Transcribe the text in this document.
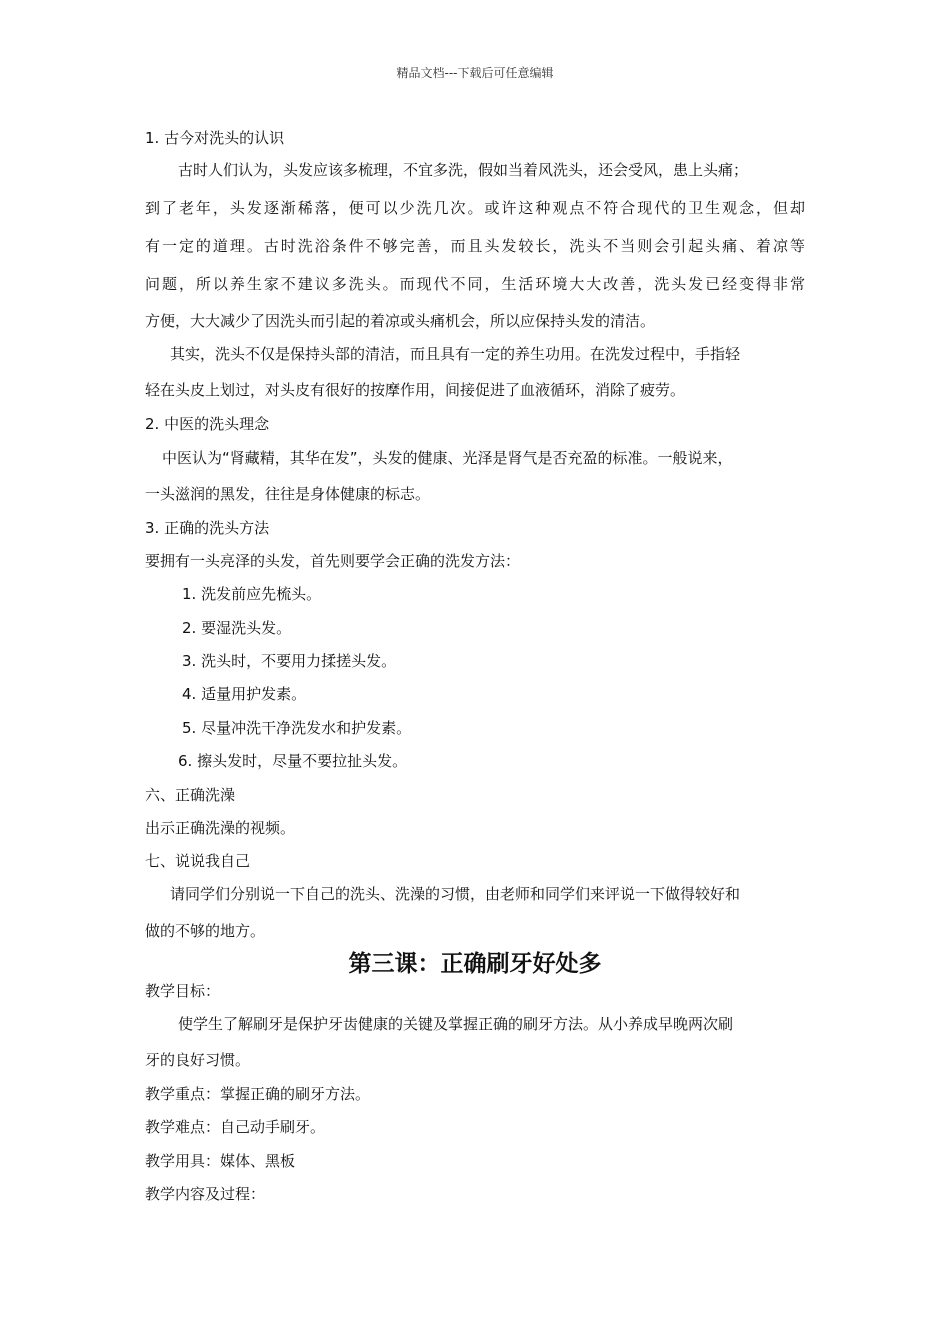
精品文档---下载后可任意编辑
1. 古今对洗头的认识
古时人们认为，头发应该多梳理，不宜多洗，假如当着风洗头，还会受风，患上头痛；
到了老年，头发逐渐稀落，便可以少洗几次。或许这种观点不符合现代的卫生观念，但却
有一定的道理。古时洗浴条件不够完善，而且头发较长，洗头不当则会引起头痛、着凉等
问题，所以养生家不建议多洗头。而现代不同，生活环境大大改善，洗头发已经变得非常
方便，大大减少了因洗头而引起的着凉或头痛机会，所以应保持头发的清洁。
其实，洗头不仅是保持头部的清洁，而且具有一定的养生功用。在洗发过程中，手指轻
轻在头皮上划过，对头皮有很好的按摩作用，间接促进了血液循环，消除了疲劳。
2. 中医的洗头理念
中医认为“肾藏精，其华在发”，头发的健康、光泽是肾气是否充盈的标准。一般说来，
一头滋润的黑发，往往是身体健康的标志。
3. 正确的洗头方法
要拥有一头亮泽的头发，首先则要学会正确的洗发方法：
1. 洗发前应先梳头。
2. 要湿洗头发。
3. 洗头时，不要用力揉搓头发。
4. 适量用护发素。
5. 尽量冲洗干净洗发水和护发素。
6. 擦头发时，尽量不要拉扯头发。
六、正确洗澡
出示正确洗澡的视频。
七、说说我自己
请同学们分别说一下自己的洗头、洗澡的习惯，由老师和同学们来评说一下做得较好和
做的不够的地方。
第三课：正确刷牙好处多
教学目标：
使学生了解刷牙是保护牙齿健康的关键及掌握正确的刷牙方法。从小养成早晚两次刷
牙的良好习惯。
教学重点：掌握正确的刷牙方法。
教学难点：自己动手刷牙。
教学用具：媒体、黑板
教学内容及过程：
